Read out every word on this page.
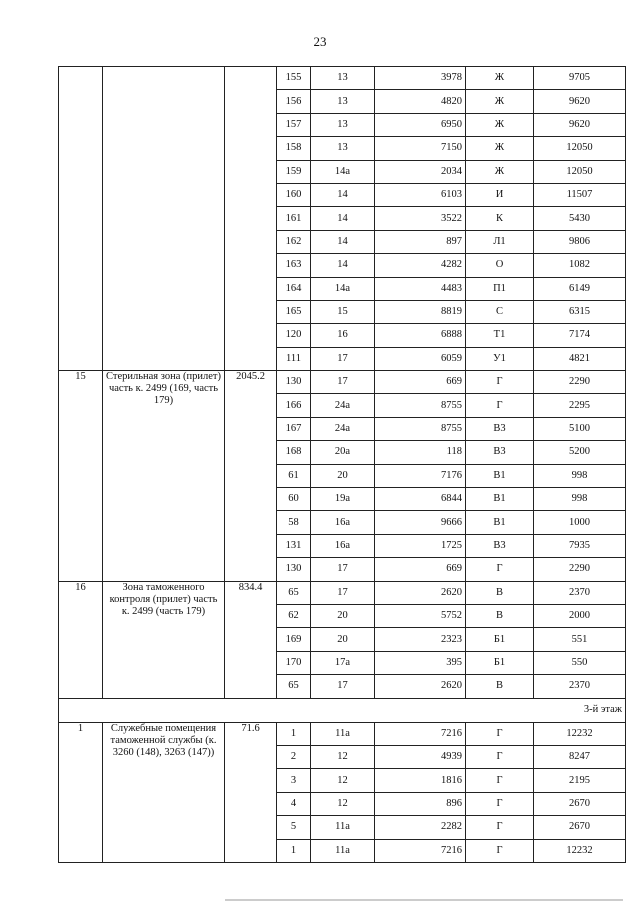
23
			155	13	3978	Ж	9705
			156	13	4820	Ж	9620
			157	13	6950	Ж	9620
			158	13	7150	Ж	12050
			159	14а	2034	Ж	12050
			160	14	6103	И	11507
			161	14	3522	К	5430
			162	14	897	Л1	9806
			163	14	4282	О	1082
			164	14а	4483	П1	6149
			165	15	8819	С	6315
			120	16	6888	Т1	7174
			111	17	6059	У1	4821
15	Стерильная зона (прилет) часть к. 2499 (169, часть 179)	2045.2	130	17	669	Г	2290
			166	24а	8755	Г	2295
			167	24а	8755	В3	5100
			168	20а	118	В3	5200
			61	20	7176	В1	998
			60	19а	6844	В1	998
			58	16а	9666	В1	1000
			131	16а	1725	В3	7935
			130	17	669	Г	2290
16	Зона таможенного контроля (прилет) часть к. 2499 (часть 179)	834.4	65	17	2620	В	2370
			62	20	5752	В	2000
			169	20	2323	Б1	551
			170	17а	395	Б1	550
			65	17	2620	В	2370
3-й этаж							
1	Служебные помещения таможенной службы (к. 3260 (148), 3263 (147))	71.6	1	11а	7216	Г	12232
			2	12	4939	Г	8247
			3	12	1816	Г	2195
			4	12	896	Г	2670
			5	11а	2282	Г	2670
			1	11а	7216	Г	12232
